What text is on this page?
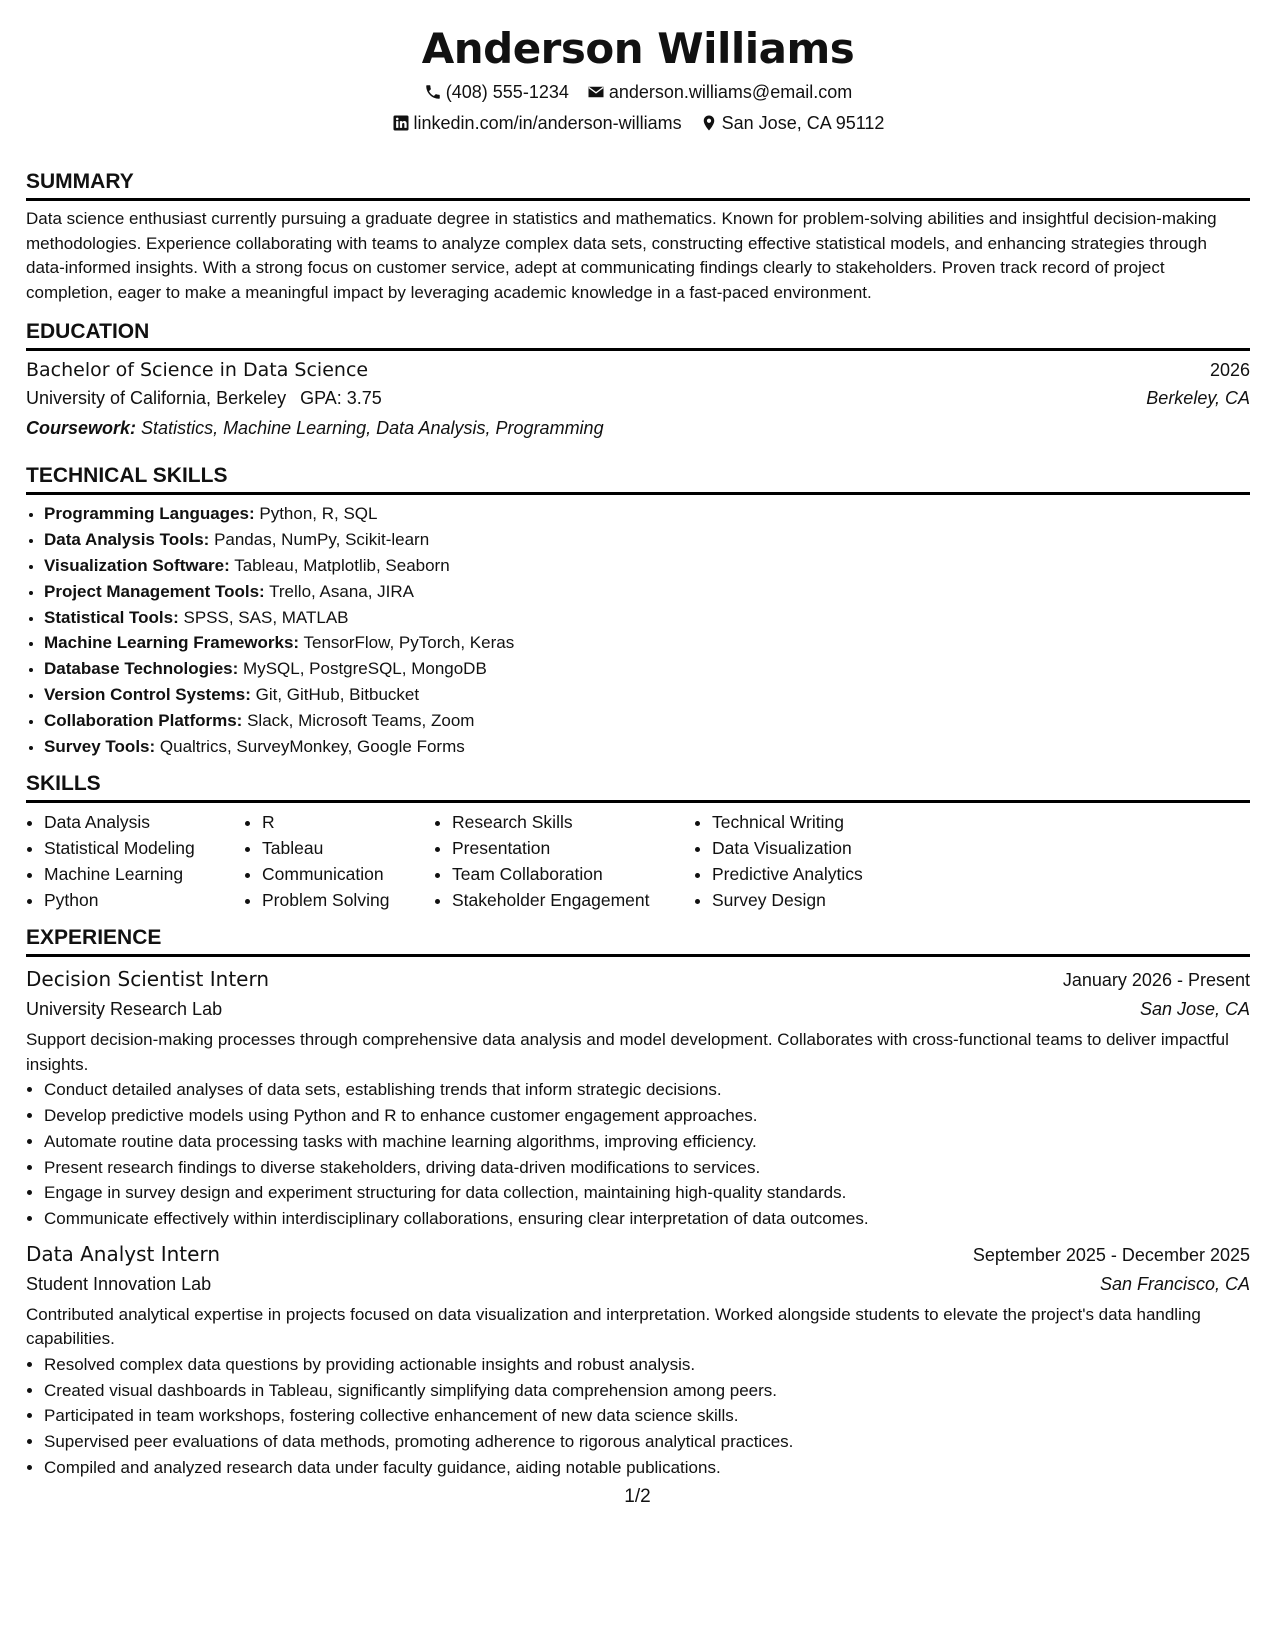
Anderson Williams
(408) 555-1234 anderson.williams@email.com
linkedin.com/in/anderson-williams San Jose, CA 95112
SUMMARY
Data science enthusiast currently pursuing a graduate degree in statistics and mathematics. Known for problem-solving abilities and insightful decision-making methodologies. Experience collaborating with teams to analyze complex data sets, constructing effective statistical models, and enhancing strategies through data-informed insights. With a strong focus on customer service, adept at communicating findings clearly to stakeholders. Proven track record of project completion, eager to make a meaningful impact by leveraging academic knowledge in a fast-paced environment.
EDUCATION
Bachelor of Science in Data Science	2026
University of California, Berkeley GPA: 3.75	Berkeley, CA
Coursework: Statistics, Machine Learning, Data Analysis, Programming
TECHNICAL SKILLS
• Programming Languages: Python, R, SQL
• Data Analysis Tools: Pandas, NumPy, Scikit-learn
• Visualization Software: Tableau, Matplotlib, Seaborn
• Project Management Tools: Trello, Asana, JIRA
• Statistical Tools: SPSS, SAS, MATLAB
• Machine Learning Frameworks: TensorFlow, PyTorch, Keras
• Database Technologies: MySQL, PostgreSQL, MongoDB
• Version Control Systems: Git, GitHub, Bitbucket
• Collaboration Platforms: Slack, Microsoft Teams, Zoom
• Survey Tools: Qualtrics, SurveyMonkey, Google Forms
SKILLS
• Data Analysis
• Statistical Modeling
• Machine Learning
• Python
• R
• Tableau
• Communication
• Problem Solving
• Research Skills
• Presentation
• Team Collaboration
• Stakeholder Engagement
• Technical Writing
• Data Visualization
• Predictive Analytics
• Survey Design
EXPERIENCE
Decision Scientist Intern	January 2026 - Present
University Research Lab	San Jose, CA
Support decision-making processes through comprehensive data analysis and model development. Collaborates with cross-functional teams to deliver impactful insights.
• Conduct detailed analyses of data sets, establishing trends that inform strategic decisions.
• Develop predictive models using Python and R to enhance customer engagement approaches.
• Automate routine data processing tasks with machine learning algorithms, improving efficiency.
• Present research findings to diverse stakeholders, driving data-driven modifications to services.
• Engage in survey design and experiment structuring for data collection, maintaining high-quality standards.
• Communicate effectively within interdisciplinary collaborations, ensuring clear interpretation of data outcomes.
Data Analyst Intern	September 2025 - December 2025
Student Innovation Lab	San Francisco, CA
Contributed analytical expertise in projects focused on data visualization and interpretation. Worked alongside students to elevate the project's data handling capabilities.
• Resolved complex data questions by providing actionable insights and robust analysis.
• Created visual dashboards in Tableau, significantly simplifying data comprehension among peers.
• Participated in team workshops, fostering collective enhancement of new data science skills.
• Supervised peer evaluations of data methods, promoting adherence to rigorous analytical practices.
• Compiled and analyzed research data under faculty guidance, aiding notable publications.
1/2
